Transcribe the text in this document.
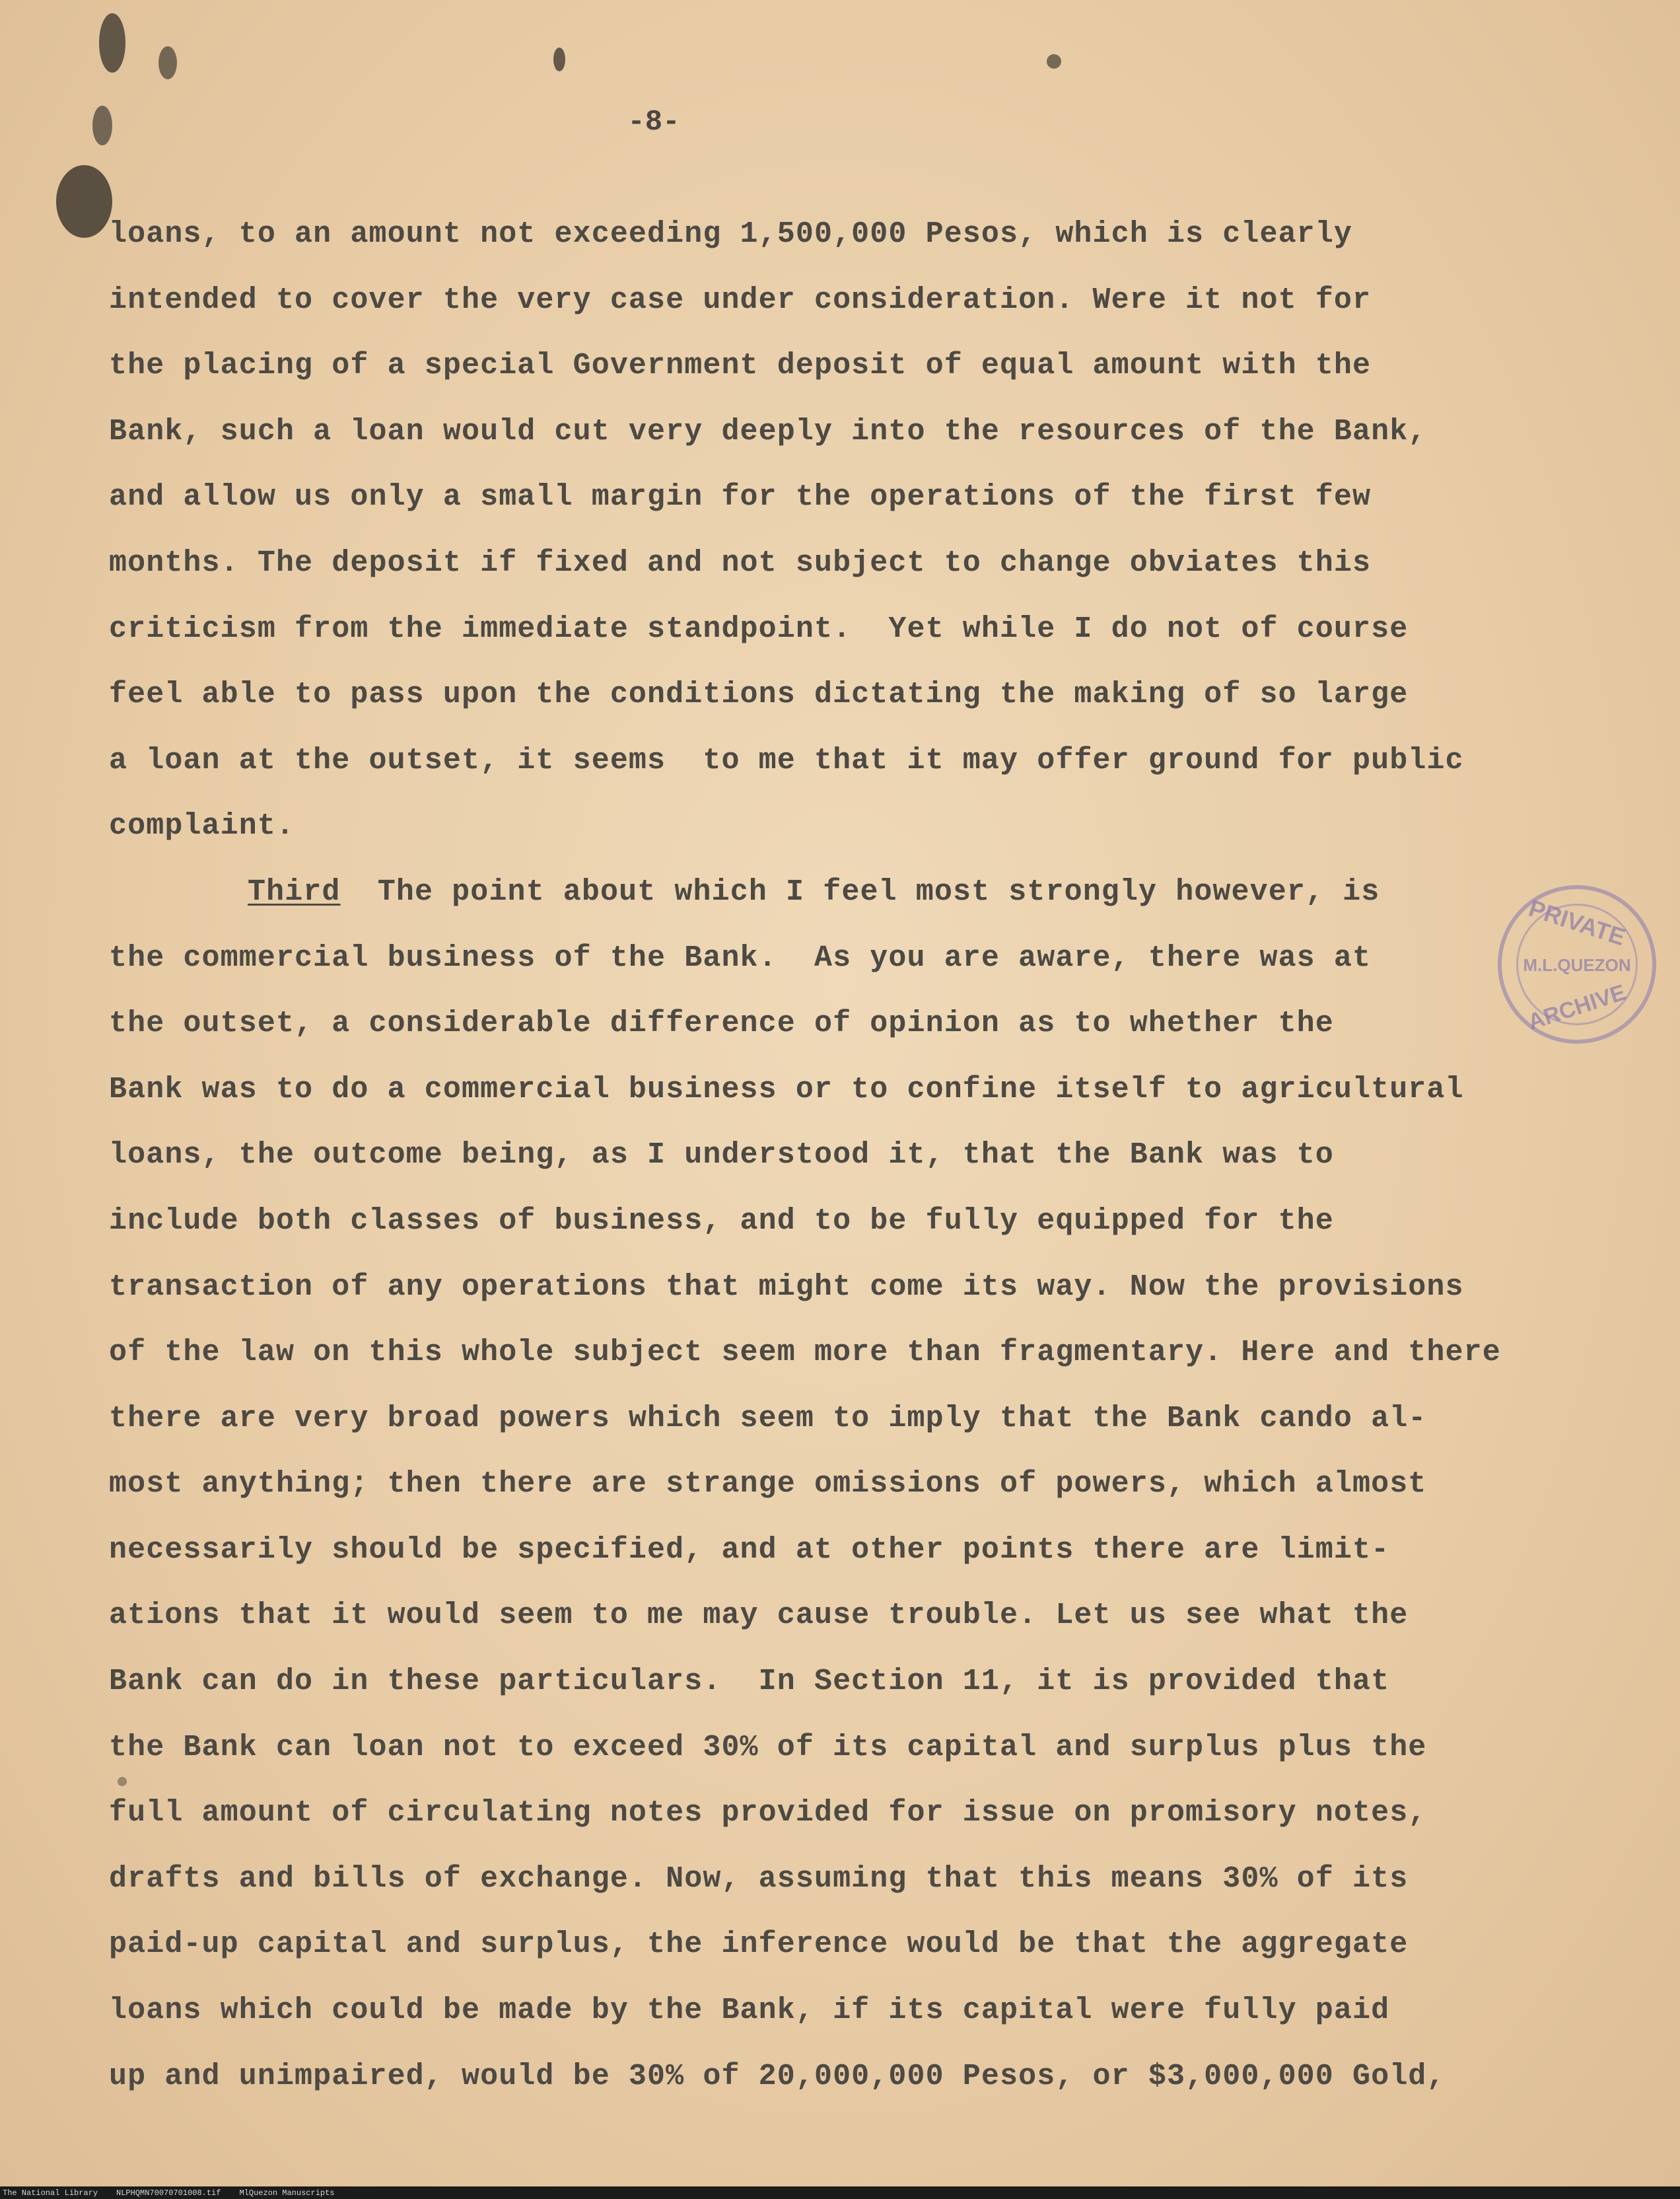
-8-
loans, to an amount not exceeding 1,500,000 Pesos, which is clearly
intended to cover the very case under consideration. Were it not for
the placing of a special Government deposit of equal amount with the
Bank, such a loan would cut very deeply into the resources of the Bank,
and allow us only a small margin for the operations of the first few
months. The deposit if fixed and not subject to change obviates this
criticism from the immediate standpoint.  Yet while I do not of course
feel able to pass upon the conditions dictating the making of so large
a loan at the outset, it seems  to me that it may offer ground for public
complaint.
Third  The point about which I feel most strongly however, is
the commercial business of the Bank.  As you are aware, there was at
the outset, a considerable difference of opinion as to whether the
Bank was to do a commercial business or to confine itself to agricultural
loans, the outcome being, as I understood it, that the Bank was to
include both classes of business, and to be fully equipped for the
transaction of any operations that might come its way. Now the provisions
of the law on this whole subject seem more than fragmentary. Here and there
there are very broad powers which seem to imply that the Bank cando al-
most anything; then there are strange omissions of powers, which almost
necessarily should be specified, and at other points there are limit-
ations that it would seem to me may cause trouble. Let us see what the
Bank can do in these particulars.  In Section 11, it is provided that
the Bank can loan not to exceed 30% of its capital and surplus plus the
full amount of circulating notes provided for issue on promisory notes,
drafts and bills of exchange. Now, assuming that this means 30% of its
paid-up capital and surplus, the inference would be that the aggregate
loans which could be made by the Bank, if its capital were fully paid
up and unimpaired, would be 30% of 20,000,000 Pesos, or $3,000,000 Gold,
PRIVATE
M.L.QUEZON
ARCHIVE
The National Library NLPHQMN70070701008.tif MlQuezon Manuscripts
